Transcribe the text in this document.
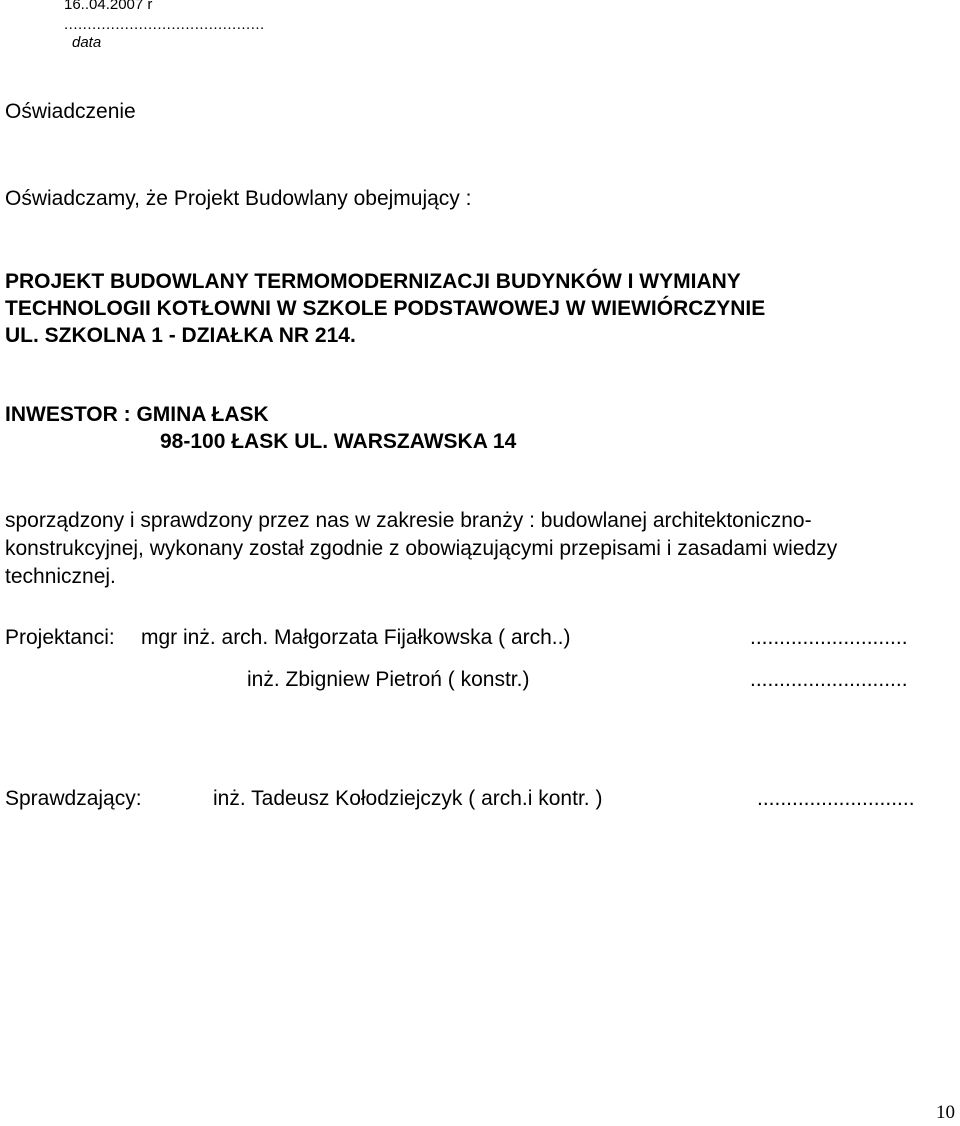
16..04.2007 r
...........................................
data
Oświadczenie
Oświadczamy, że Projekt Budowlany obejmujący :
PROJEKT BUDOWLANY TERMOMODERNIZACJI BUDYNKÓW I WYMIANY
TECHNOLOGII KOTŁOWNI W SZKOLE PODSTAWOWEJ W WIEWIÓRCZYNIE
UL. SZKOLNA 1 - DZIAŁKA NR 214.
INWESTOR : GMINA ŁASK
98-100 ŁASK UL. WARSZAWSKA 14
sporządzony i sprawdzony przez nas w zakresie branży : budowlanej architektoniczno-
konstrukcyjnej, wykonany został zgodnie z obowiązującymi przepisami i zasadami wiedzy
technicznej.
Projektanci: mgr inż. arch. Małgorzata Fijałkowska ( arch..)	...........................
inż. Zbigniew Pietroń ( konstr.)	...........................
Sprawdzający:	inż. Tadeusz Kołodziejczyk ( arch.i kontr. )	...........................
10
